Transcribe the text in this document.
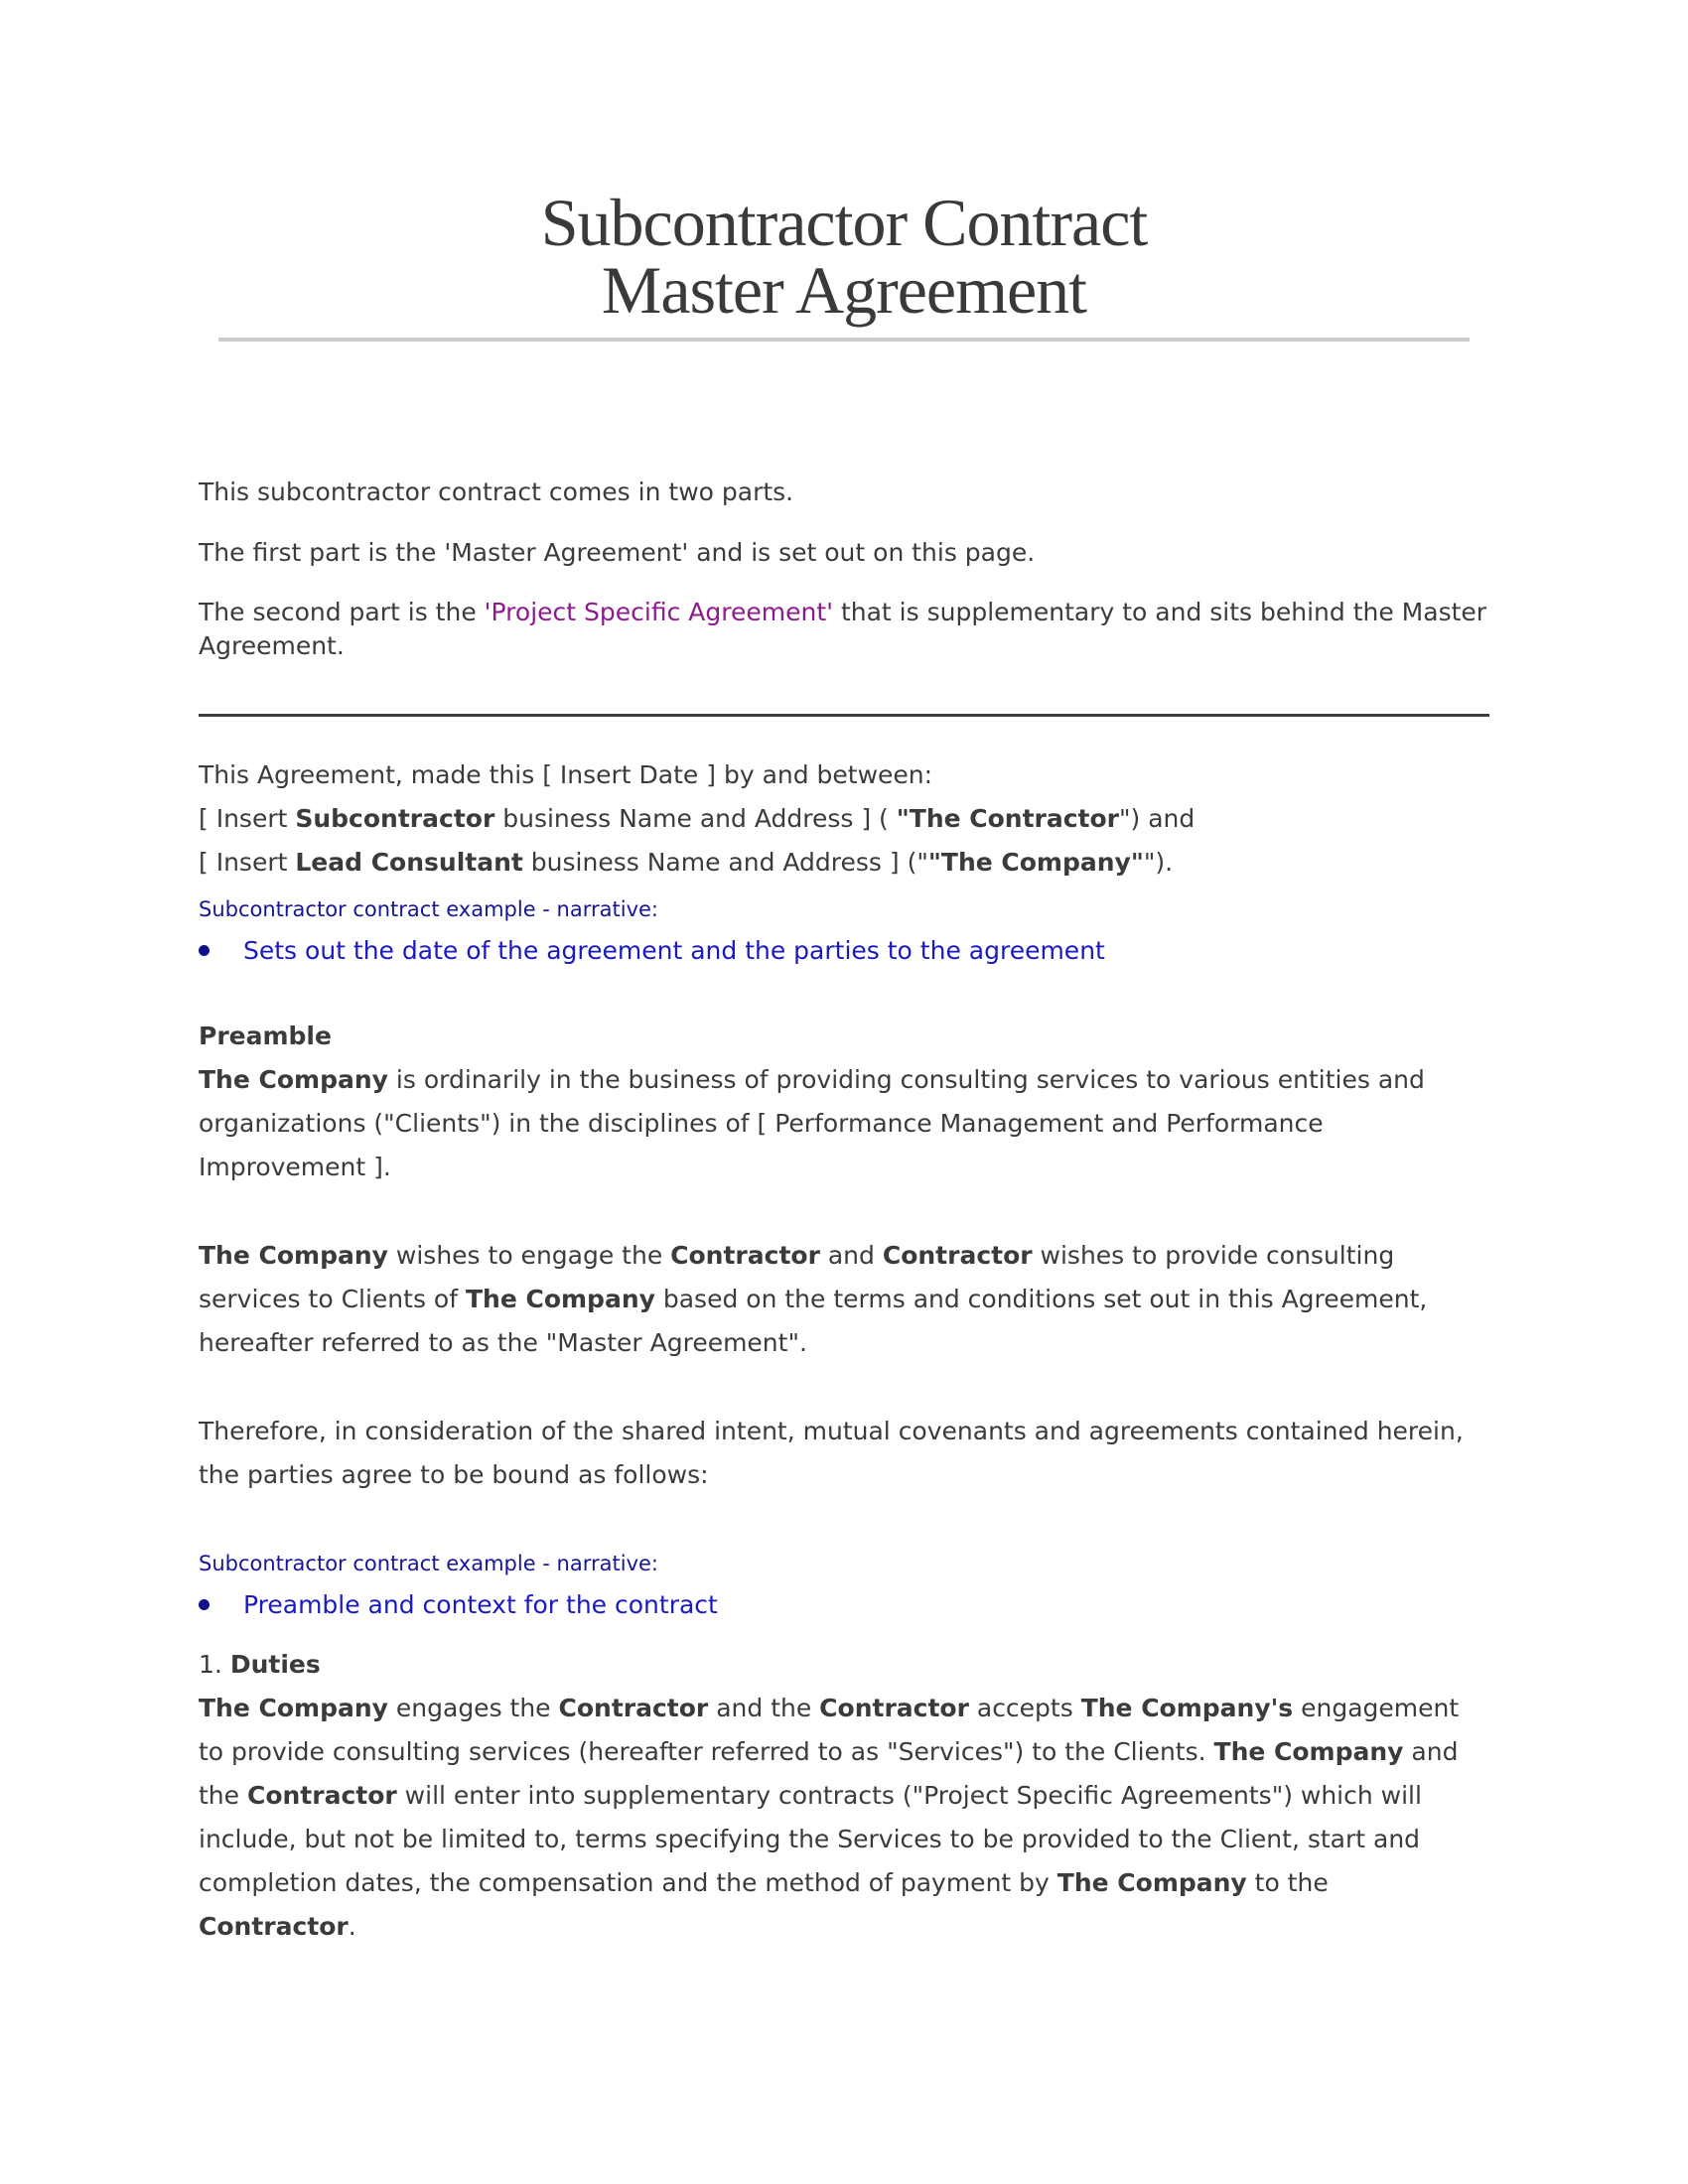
Subcontractor Contract
Master Agreement

This subcontractor contract comes in two parts.

The first part is the 'Master Agreement' and is set out on this page.

The second part is the 'Project Specific Agreement' that is supplementary to and sits behind the Master Agreement.

This Agreement, made this [ Insert Date ] by and between:

[ Insert Subcontractor business Name and Address ] ( "The Contractor") and

[ Insert Lead Consultant business Name and Address ] (""The Company"").

Subcontractor contract example - narrative:

Sets out the date of the agreement and the parties to the agreement
Preamble

The Company is ordinarily in the business of providing consulting services to various entities and organizations ("Clients") in the disciplines of [ Performance Management and Performance Improvement ].

The Company wishes to engage the Contractor and Contractor wishes to provide consulting services to Clients of The Company based on the terms and conditions set out in this Agreement, hereafter referred to as the "Master Agreement".

Therefore, in consideration of the shared intent, mutual covenants and agreements contained herein, the parties agree to be bound as follows:

Subcontractor contract example - narrative:

Preamble and context for the contract
1. Duties

The Company engages the Contractor and the Contractor accepts The Company's engagement to provide consulting services (hereafter referred to as "Services") to the Clients. The Company and the Contractor will enter into supplementary contracts ("Project Specific Agreements") which will include, but not be limited to, terms specifying the Services to be provided to the Client, start and completion dates, the compensation and the method of payment by The Company to the Contractor.
